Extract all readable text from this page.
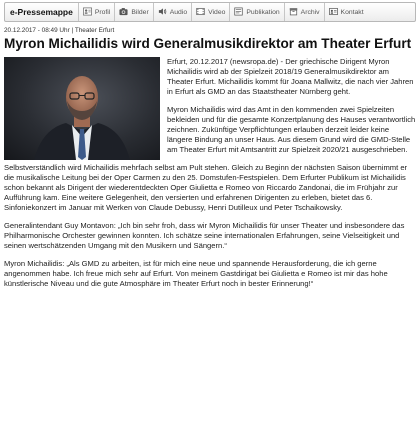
e-Pressemappe	Profil	Bilder	Audio	Video	Publikation	Archiv	Kontakt
20.12.2017 - 08:49 Uhr | Theater Erfurt
Myron Michailidis wird Generalmusikdirektor am Theater Erfurt

Erfurt, 20.12.2017 (newsropa.de) - Der griechische Dirigent Myron Michailidis wird ab der Spielzeit 2018/19 Generalmusikdirektor am Theater Erfurt. Michailidis kommt für Joana Mallwitz, die nach vier Jahren in Erfurt als GMD an das Staatstheater Nürnberg geht.

Myron Michailidis wird das Amt in den kommenden zwei Spielzeiten bekleiden und für die gesamte Konzertplanung des Hauses verantwortlich zeichnen. Zukünftige Verpflichtungen erlauben derzeit leider keine längere Bindung an unser Haus. Aus diesem Grund wird die GMD-Stelle am Theater Erfurt mit Amtsantritt zur Spielzeit 2020/21 ausgeschrieben.

Selbstverständlich wird Michailidis mehrfach selbst am Pult stehen. Gleich zu Beginn der nächsten Saison übernimmt er die musikalische Leitung bei der Oper Carmen zu den 25. Domstufen-Festspielen. Dem Erfurter Publikum ist Michailidis schon bekannt als Dirigent der wiederentdeckten Oper Giulietta e Romeo von Riccardo Zandonai, die im Frühjahr zur Aufführung kam. Eine weitere Gelegenheit, den versierten und erfahrenen Dirigenten zu erleben, bietet das 6. Sinfoniekonzert im Januar mit Werken von Claude Debussy, Henri Dutilleux und Peter Tschaikowsky.

Generalintendant Guy Montavon: „Ich bin sehr froh, dass wir Myron Michailidis für unser Theater und insbesondere das Philharmonische Orchester gewinnen konnten. Ich schätze seine internationalen Erfahrungen, seine Vielseitigkeit und seinen wertschätzenden Umgang mit den Musikern und Sängern.“

Myron Michailidis: „Als GMD zu arbeiten, ist für mich eine neue und spannende Herausforderung, die ich gerne angenommen habe. Ich freue mich sehr auf Erfurt. Von meinem Gastdirigat bei Giulietta e Romeo ist mir das hohe künstlerische Niveau und die gute Atmosphäre im Theater Erfurt noch in bester Erinnerung!“
